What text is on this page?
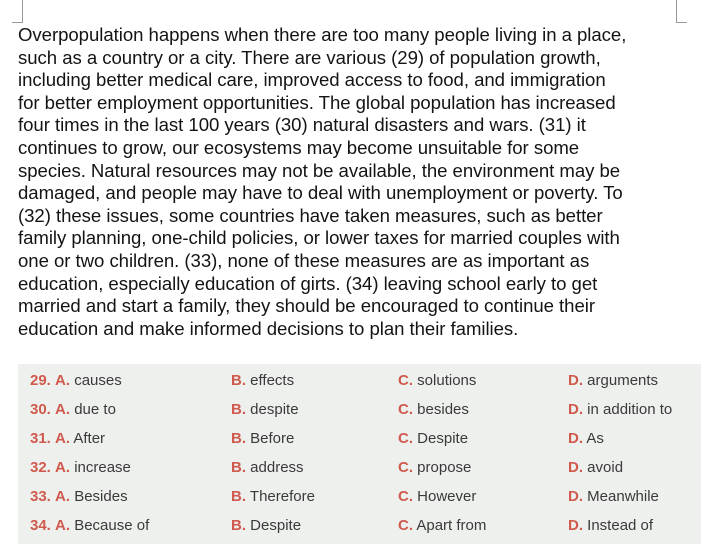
Overpopulation happens when there are too many people living in a place,
such as a country or a city. There are various (29) of population growth,
including better medical care, improved access to food, and immigration
for better employment opportunities. The global population has increased
four times in the last 100 years (30) natural disasters and wars. (31) it
continues to grow, our ecosystems may become unsuitable for some
species. Natural resources may not be available, the environment may be
damaged, and people may have to deal with unemployment or poverty. To
(32) these issues, some countries have taken measures, such as better
family planning, one-child policies, or lower taxes for married couples with
one or two children. (33), none of these measures are as important as
education, especially education of girts. (34) leaving school early to get
married and start a family, they should be encouraged to continue their
education and make informed decisions to plan their families.
29. A. causes	B. effects	C. solutions	D. arguments
30. A. due to	B. despite	C. besides	D. in addition to
31. A. After	B. Before	C. Despite	D. As
32. A. increase	B. address	C. propose	D. avoid
33. A. Besides	B. Therefore	C. However	D. Meanwhile
34. A. Because of	B. Despite	C. Apart from	D. Instead of
